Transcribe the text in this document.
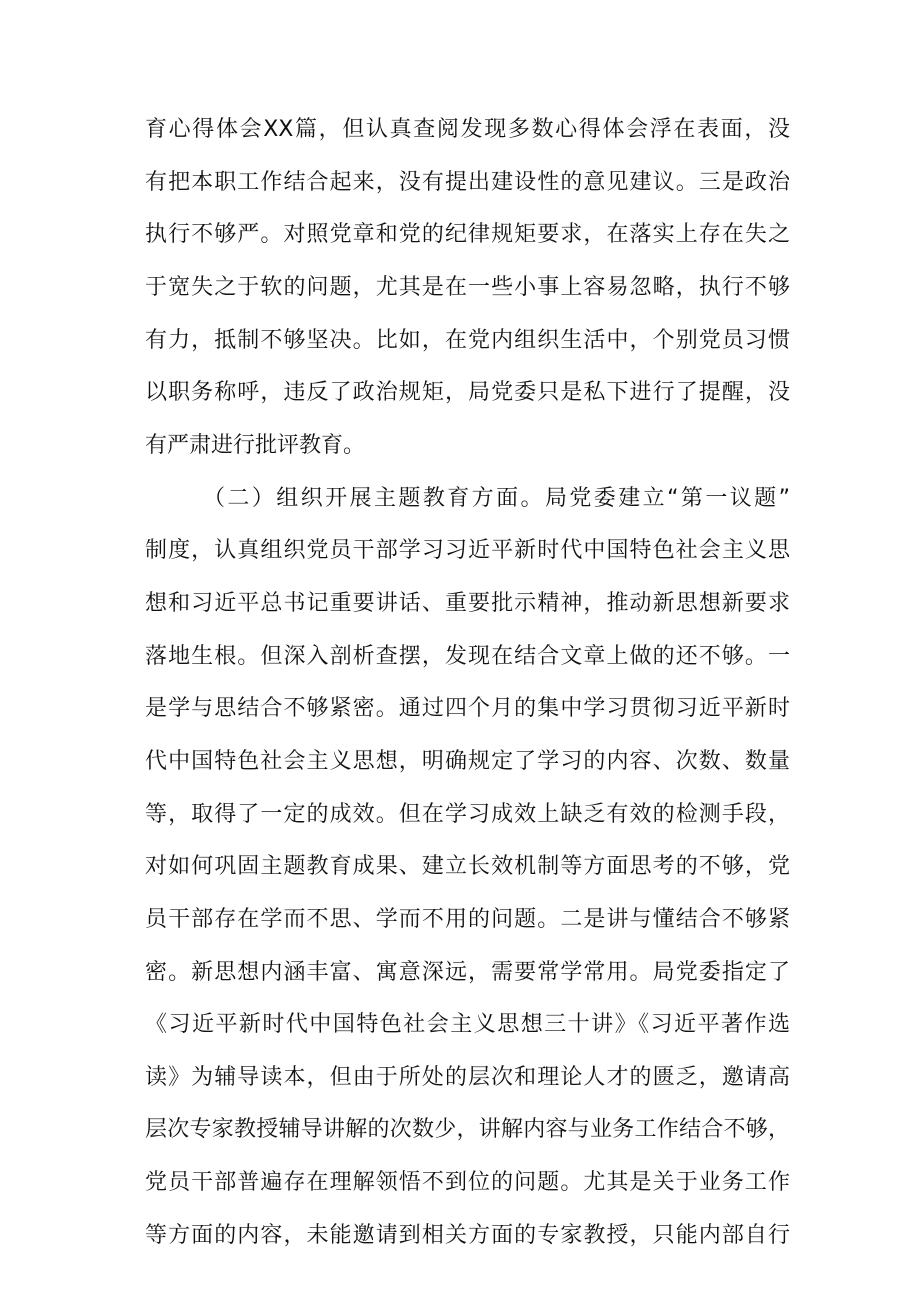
育心得体会XX篇，但认真查阅发现多数心得体会浮在表面，没
有把本职工作结合起来，没有提出建设性的意见建议。三是政治
执行不够严。对照党章和党的纪律规矩要求，在落实上存在失之
于宽失之于软的问题，尤其是在一些小事上容易忽略，执行不够
有力，抵制不够坚决。比如，在党内组织生活中，个别党员习惯
以职务称呼，违反了政治规矩，局党委只是私下进行了提醒，没
有严肃进行批评教育。
（二）组织开展主题教育方面。局党委建立“第一议题”
制度，认真组织党员干部学习习近平新时代中国特色社会主义思
想和习近平总书记重要讲话、重要批示精神，推动新思想新要求
落地生根。但深入剖析查摆，发现在结合文章上做的还不够。一
是学与思结合不够紧密。通过四个月的集中学习贯彻习近平新时
代中国特色社会主义思想，明确规定了学习的内容、次数、数量
等，取得了一定的成效。但在学习成效上缺乏有效的检测手段，
对如何巩固主题教育成果、建立长效机制等方面思考的不够，党
员干部存在学而不思、学而不用的问题。二是讲与懂结合不够紧
密。新思想内涵丰富、寓意深远，需要常学常用。局党委指定了
《习近平新时代中国特色社会主义思想三十讲》《习近平著作选
读》为辅导读本，但由于所处的层次和理论人才的匮乏，邀请高
层次专家教授辅导讲解的次数少，讲解内容与业务工作结合不够，
党员干部普遍存在理解领悟不到位的问题。尤其是关于业务工作
等方面的内容，未能邀请到相关方面的专家教授，只能内部自行
